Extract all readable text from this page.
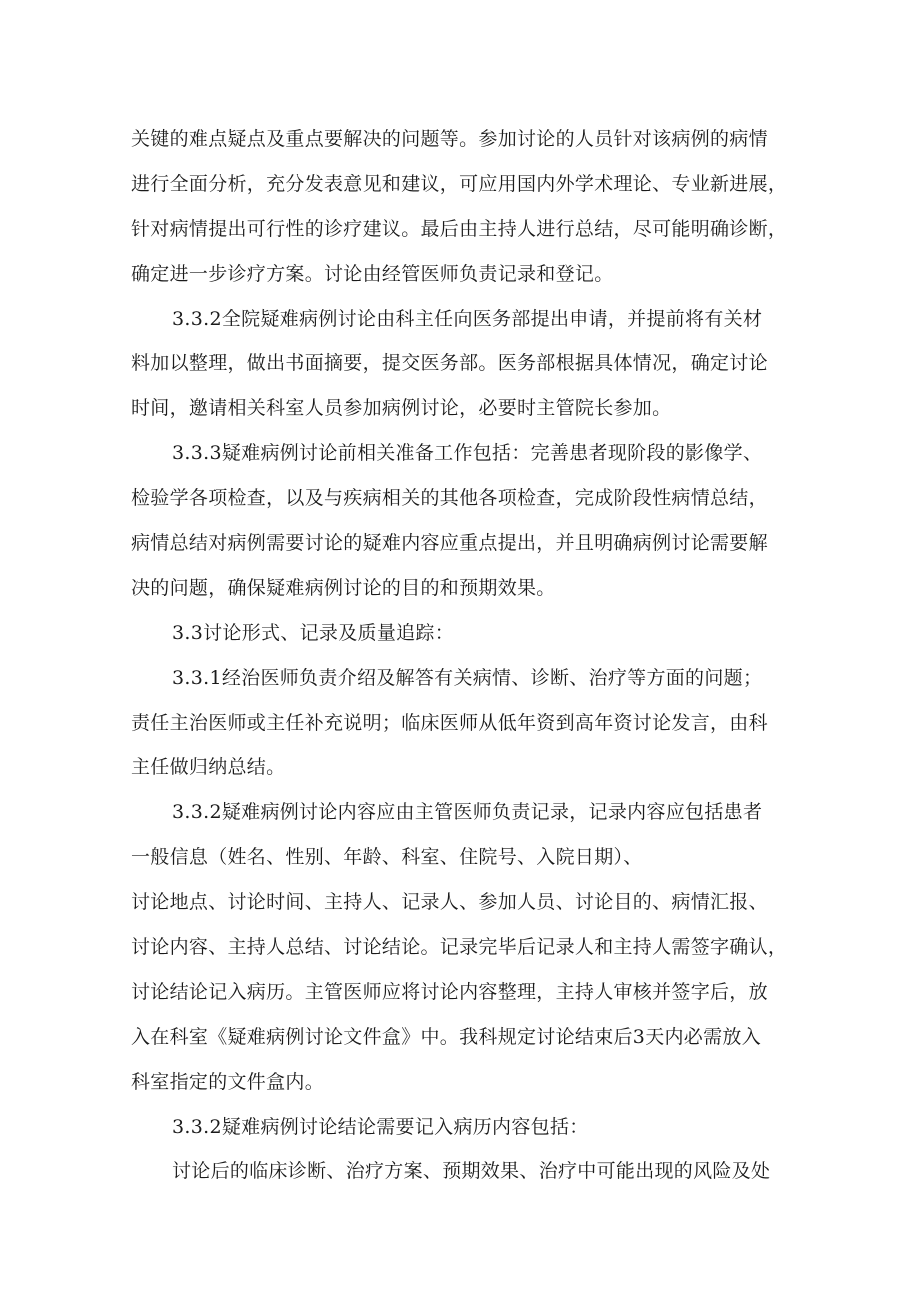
关键的难点疑点及重点要解决的问题等。参加讨论的人员针对该病例的病情
进行全面分析，充分发表意见和建议，可应用国内外学术理论、专业新进展，
针对病情提出可行性的诊疗建议。最后由主持人进行总结，尽可能明确诊断，
确定进一步诊疗方案。讨论由经管医师负责记录和登记。
3.3.2全院疑难病例讨论由科主任向医务部提出申请，并提前将有关材
料加以整理，做出书面摘要，提交医务部。医务部根据具体情况，确定讨论
时间，邀请相关科室人员参加病例讨论，必要时主管院长参加。
3.3.3疑难病例讨论前相关准备工作包括：完善患者现阶段的影像学、
检验学各项检查，以及与疾病相关的其他各项检查，完成阶段性病情总结，
病情总结对病例需要讨论的疑难内容应重点提出，并且明确病例讨论需要解
决的问题，确保疑难病例讨论的目的和预期效果。
3.3讨论形式、记录及质量追踪：
3.3.1经治医师负责介绍及解答有关病情、诊断、治疗等方面的问题；
责任主治医师或主任补充说明；临床医师从低年资到高年资讨论发言，由科
主任做归纳总结。
3.3.2疑难病例讨论内容应由主管医师负责记录，记录内容应包括患者
一般信息（姓名、性别、年龄、科室、住院号、入院日期）、
讨论地点、讨论时间、主持人、记录人、参加人员、讨论目的、病情汇报、
讨论内容、主持人总结、讨论结论。记录完毕后记录人和主持人需签字确认，
讨论结论记入病历。主管医师应将讨论内容整理，主持人审核并签字后，放
入在科室《疑难病例讨论文件盒》中。我科规定讨论结束后3天内必需放入
科室指定的文件盒内。
3.3.2疑难病例讨论结论需要记入病历内容包括：
讨论后的临床诊断、治疗方案、预期效果、治疗中可能出现的风险及处
